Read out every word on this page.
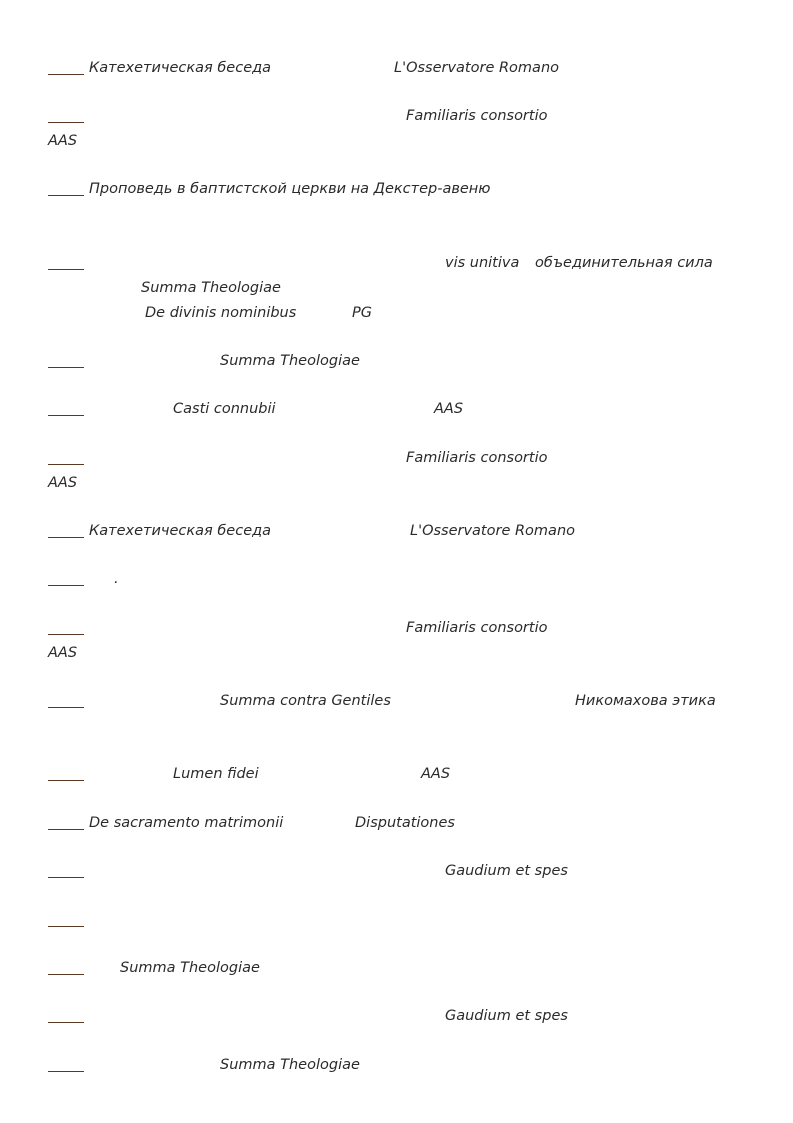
Катехетическая беседа	L'Osservatore Romano
Familiaris consortio
AAS
Проповедь в баптистской церкви на Декстер-авеню
vis unitiva объединительная сила
Summa Theologiae
De divinis nominibus	PG
Summa Theologiae
Casti connubii	AAS
Familiaris consortio
AAS
Катехетическая беседа	L'Osservatore Romano
.
Familiaris consortio
AAS
Summa contra Gentiles	Никомахова этика
Lumen fidei	AAS
De sacramento matrimonii	Disputationes
Gaudium et spes
Summa Theologiae
Gaudium et spes
Summa Theologiae
